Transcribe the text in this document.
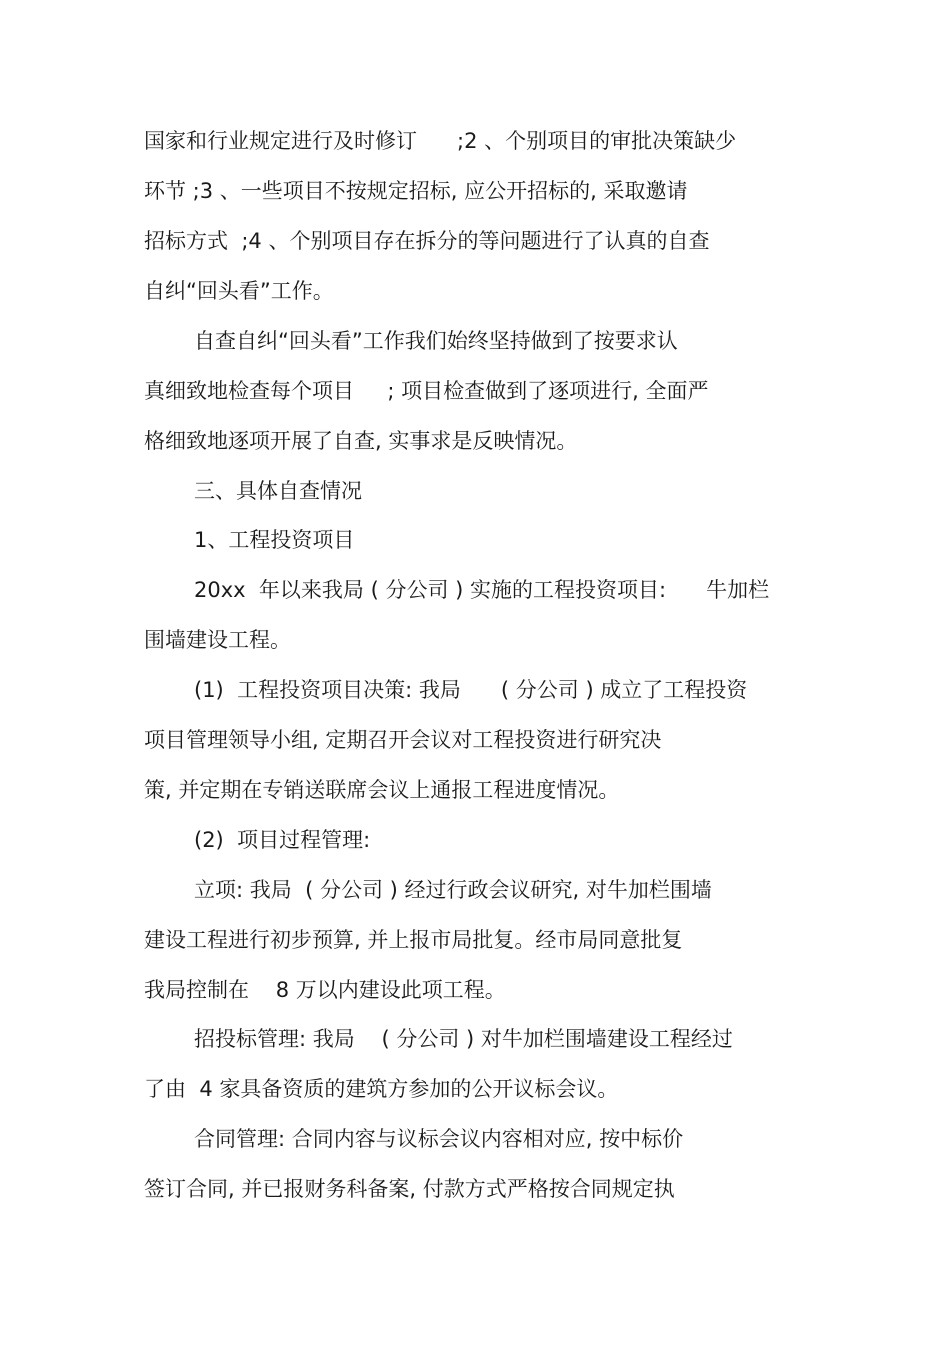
国家和行业规定进行及时修订      ;2 、个别项目的审批决策缺少
环节 ;3 、一些项目不按规定招标, 应公开招标的, 采取邀请
招标方式  ;4 、个别项目存在拆分的等问题进行了认真的自查
自纠“回头看”工作。
自查自纠“回头看”工作我们始终坚持做到了按要求认
真细致地检查每个项目     ; 项目检查做到了逐项进行, 全面严
格细致地逐项开展了自查, 实事求是反映情况。
三、具体自查情况
1、工程投资项目
20xx  年以来我局 ( 分公司 ) 实施的工程投资项目:      牛加栏
围墙建设工程。
(1)  工程投资项目决策: 我局      ( 分公司 ) 成立了工程投资
项目管理领导小组, 定期召开会议对工程投资进行研究决
策, 并定期在专销送联席会议上通报工程进度情况。
(2)  项目过程管理:
立项: 我局  ( 分公司 ) 经过行政会议研究, 对牛加栏围墙
建设工程进行初步预算, 并上报市局批复。经市局同意批复
我局控制在    8 万以内建设此项工程。
招投标管理: 我局    ( 分公司 ) 对牛加栏围墙建设工程经过
了由  4 家具备资质的建筑方参加的公开议标会议。
合同管理: 合同内容与议标会议内容相对应, 按中标价
签订合同, 并已报财务科备案, 付款方式严格按合同规定执
